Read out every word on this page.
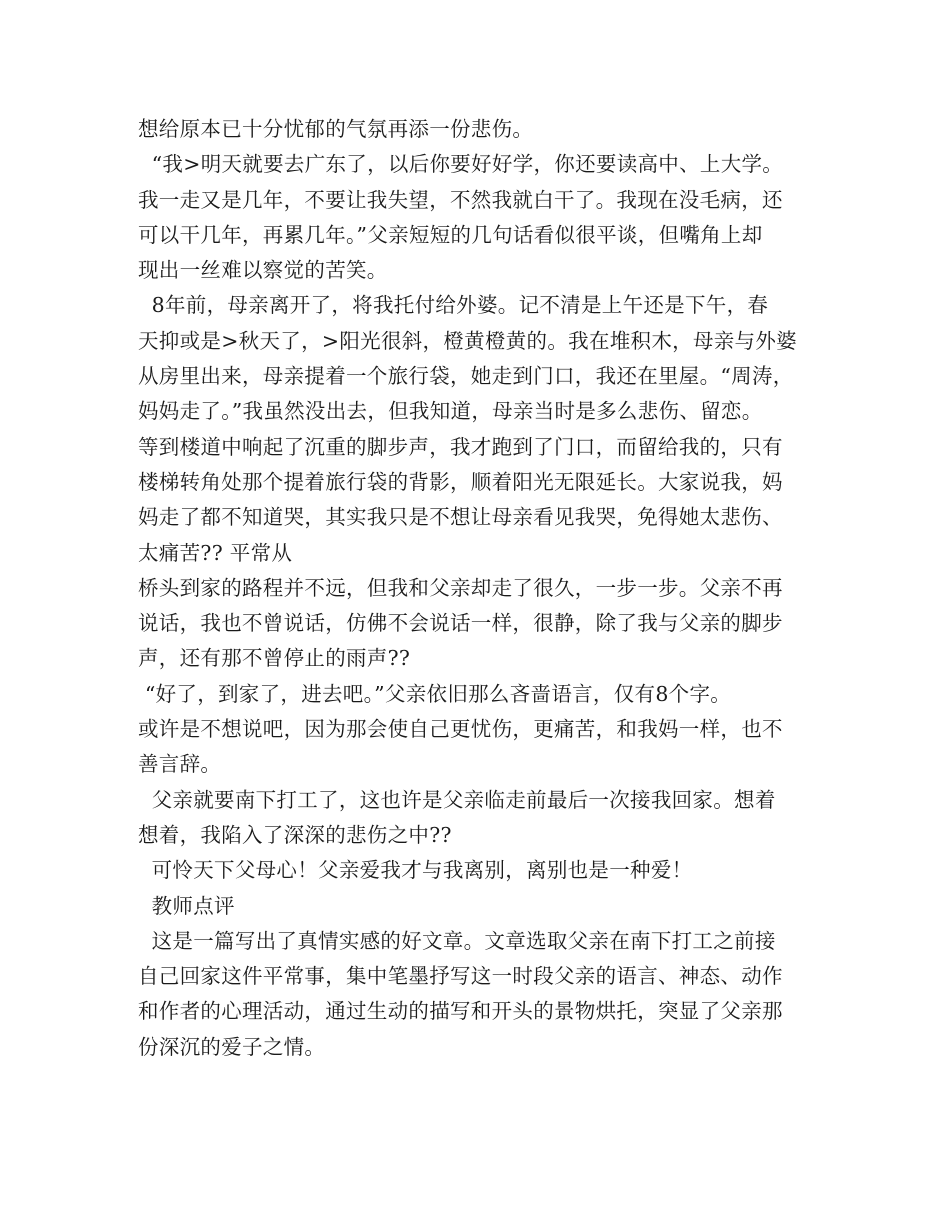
想给原本已十分忧郁的气氛再添一份悲伤。
“我>明天就要去广东了，以后你要好好学，你还要读高中、上大学。
我一走又是几年，不要让我失望，不然我就白干了。我现在没毛病，还
可以干几年，再累几年。”父亲短短的几句话看似很平谈，但嘴角上却
现出一丝难以察觉的苦笑。
8年前，母亲离开了，将我托付给外婆。记不清是上午还是下午，春
天抑或是>秋天了，>阳光很斜，橙黄橙黄的。我在堆积木，母亲与外婆
从房里出来，母亲提着一个旅行袋，她走到门口，我还在里屋。“周涛，
妈妈走了。”我虽然没出去，但我知道，母亲当时是多么悲伤、留恋。
等到楼道中响起了沉重的脚步声，我才跑到了门口，而留给我的，只有
楼梯转角处那个提着旅行袋的背影，顺着阳光无限延长。大家说我，妈
妈走了都不知道哭，其实我只是不想让母亲看见我哭，免得她太悲伤、
太痛苦?? 平常从
桥头到家的路程并不远，但我和父亲却走了很久，一步一步。父亲不再
说话，我也不曾说话，仿佛不会说话一样，很静，除了我与父亲的脚步
声，还有那不曾停止的雨声??
“好了，到家了，进去吧。”父亲依旧那么吝啬语言，仅有8个字。
或许是不想说吧，因为那会使自己更忧伤，更痛苦，和我妈一样，也不
善言辞。
父亲就要南下打工了，这也许是父亲临走前最后一次接我回家。想着
想着，我陷入了深深的悲伤之中??
可怜天下父母心！父亲爱我才与我离别，离别也是一种爱！
教师点评
这是一篇写出了真情实感的好文章。文章选取父亲在南下打工之前接
自己回家这件平常事，集中笔墨抒写这一时段父亲的语言、神态、动作
和作者的心理活动，通过生动的描写和开头的景物烘托，突显了父亲那
份深沉的爱子之情。
